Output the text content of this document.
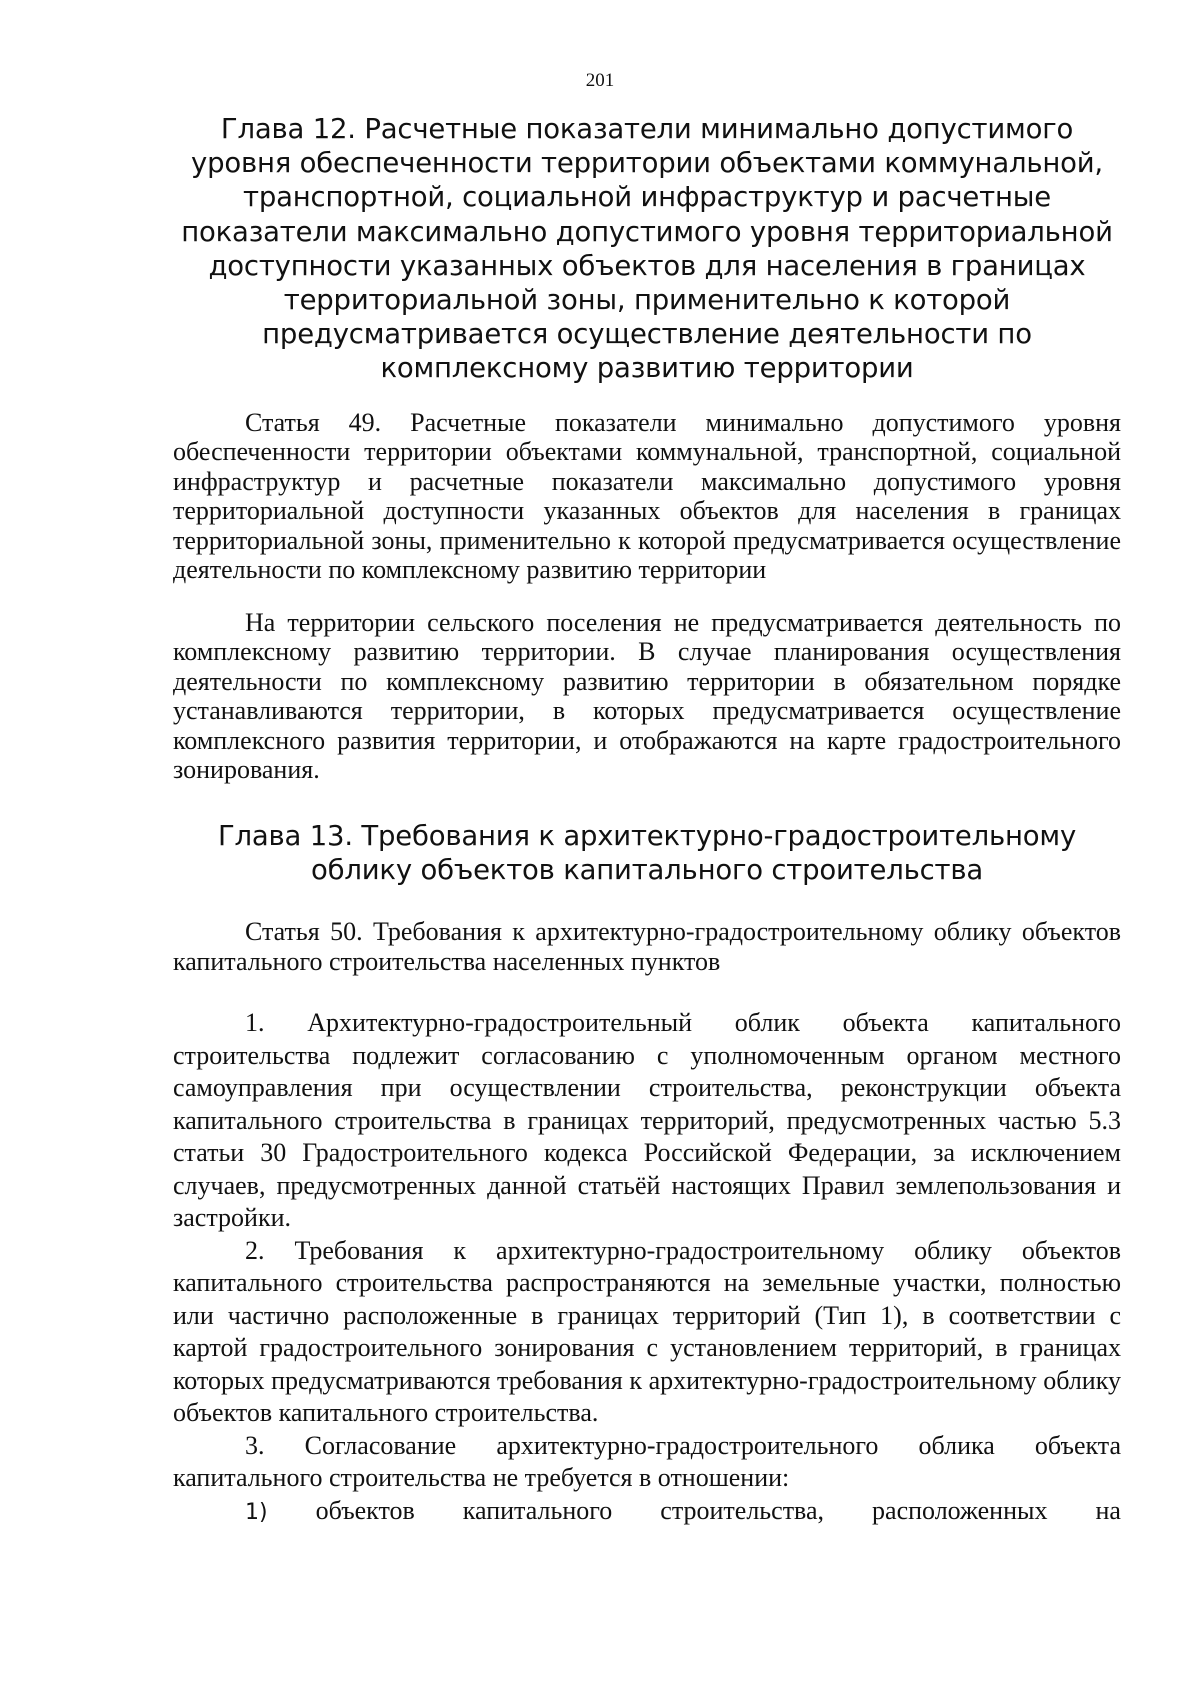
201
Глава 12. Расчетные показатели минимально допустимого уровня обеспеченности территории объектами коммунальной, транспортной, социальной инфраструктур и расчетные показатели максимально допустимого уровня территориальной доступности указанных объектов для населения в границах территориальной зоны, применительно к которой предусматривается осуществление деятельности по комплексному развитию территории

Статья 49. Расчетные показатели минимально допустимого уровня обеспеченности территории объектами коммунальной, транспортной, социальной инфраструктур и расчетные показатели максимально допустимого уровня территориальной доступности указанных объектов для населения в границах территориальной зоны, применительно к которой предусматривается осуществление деятельности по комплексному развитию территории

На территории сельского поселения не предусматривается деятельность по комплексному развитию территории. В случае планирования осуществления деятельности по комплексному развитию территории в обязательном порядке устанавливаются территории, в которых предусматривается осуществление комплексного развития территории, и отображаются на карте градостроительного зонирования.

Глава 13. Требования к архитектурно-градостроительному облику объектов капитального строительства

Статья 50. Требования к архитектурно-градостроительному облику объектов капитального строительства населенных пунктов

1. Архитектурно-градостроительный облик объекта капитального строительства подлежит согласованию с уполномоченным органом местного самоуправления при осуществлении строительства, реконструкции объекта капитального строительства в границах территорий, предусмотренных частью 5.3 статьи 30 Градостроительного кодекса Российской Федерации, за исключением случаев, предусмотренных данной статьёй настоящих Правил землепользования и застройки.

2. Требования к архитектурно-градостроительному облику объектов капитального строительства распространяются на земельные участки, полностью или частично расположенные в границах территорий (Тип 1), в соответствии с картой градостроительного зонирования с установлением территорий, в границах которых предусматриваются требования к архитектурно-градостроительному облику объектов капитального строительства.

3. Согласование архитектурно-градостроительного облика объекта капитального строительства не требуется в отношении:

1) объектов капитального строительства, расположенных на
